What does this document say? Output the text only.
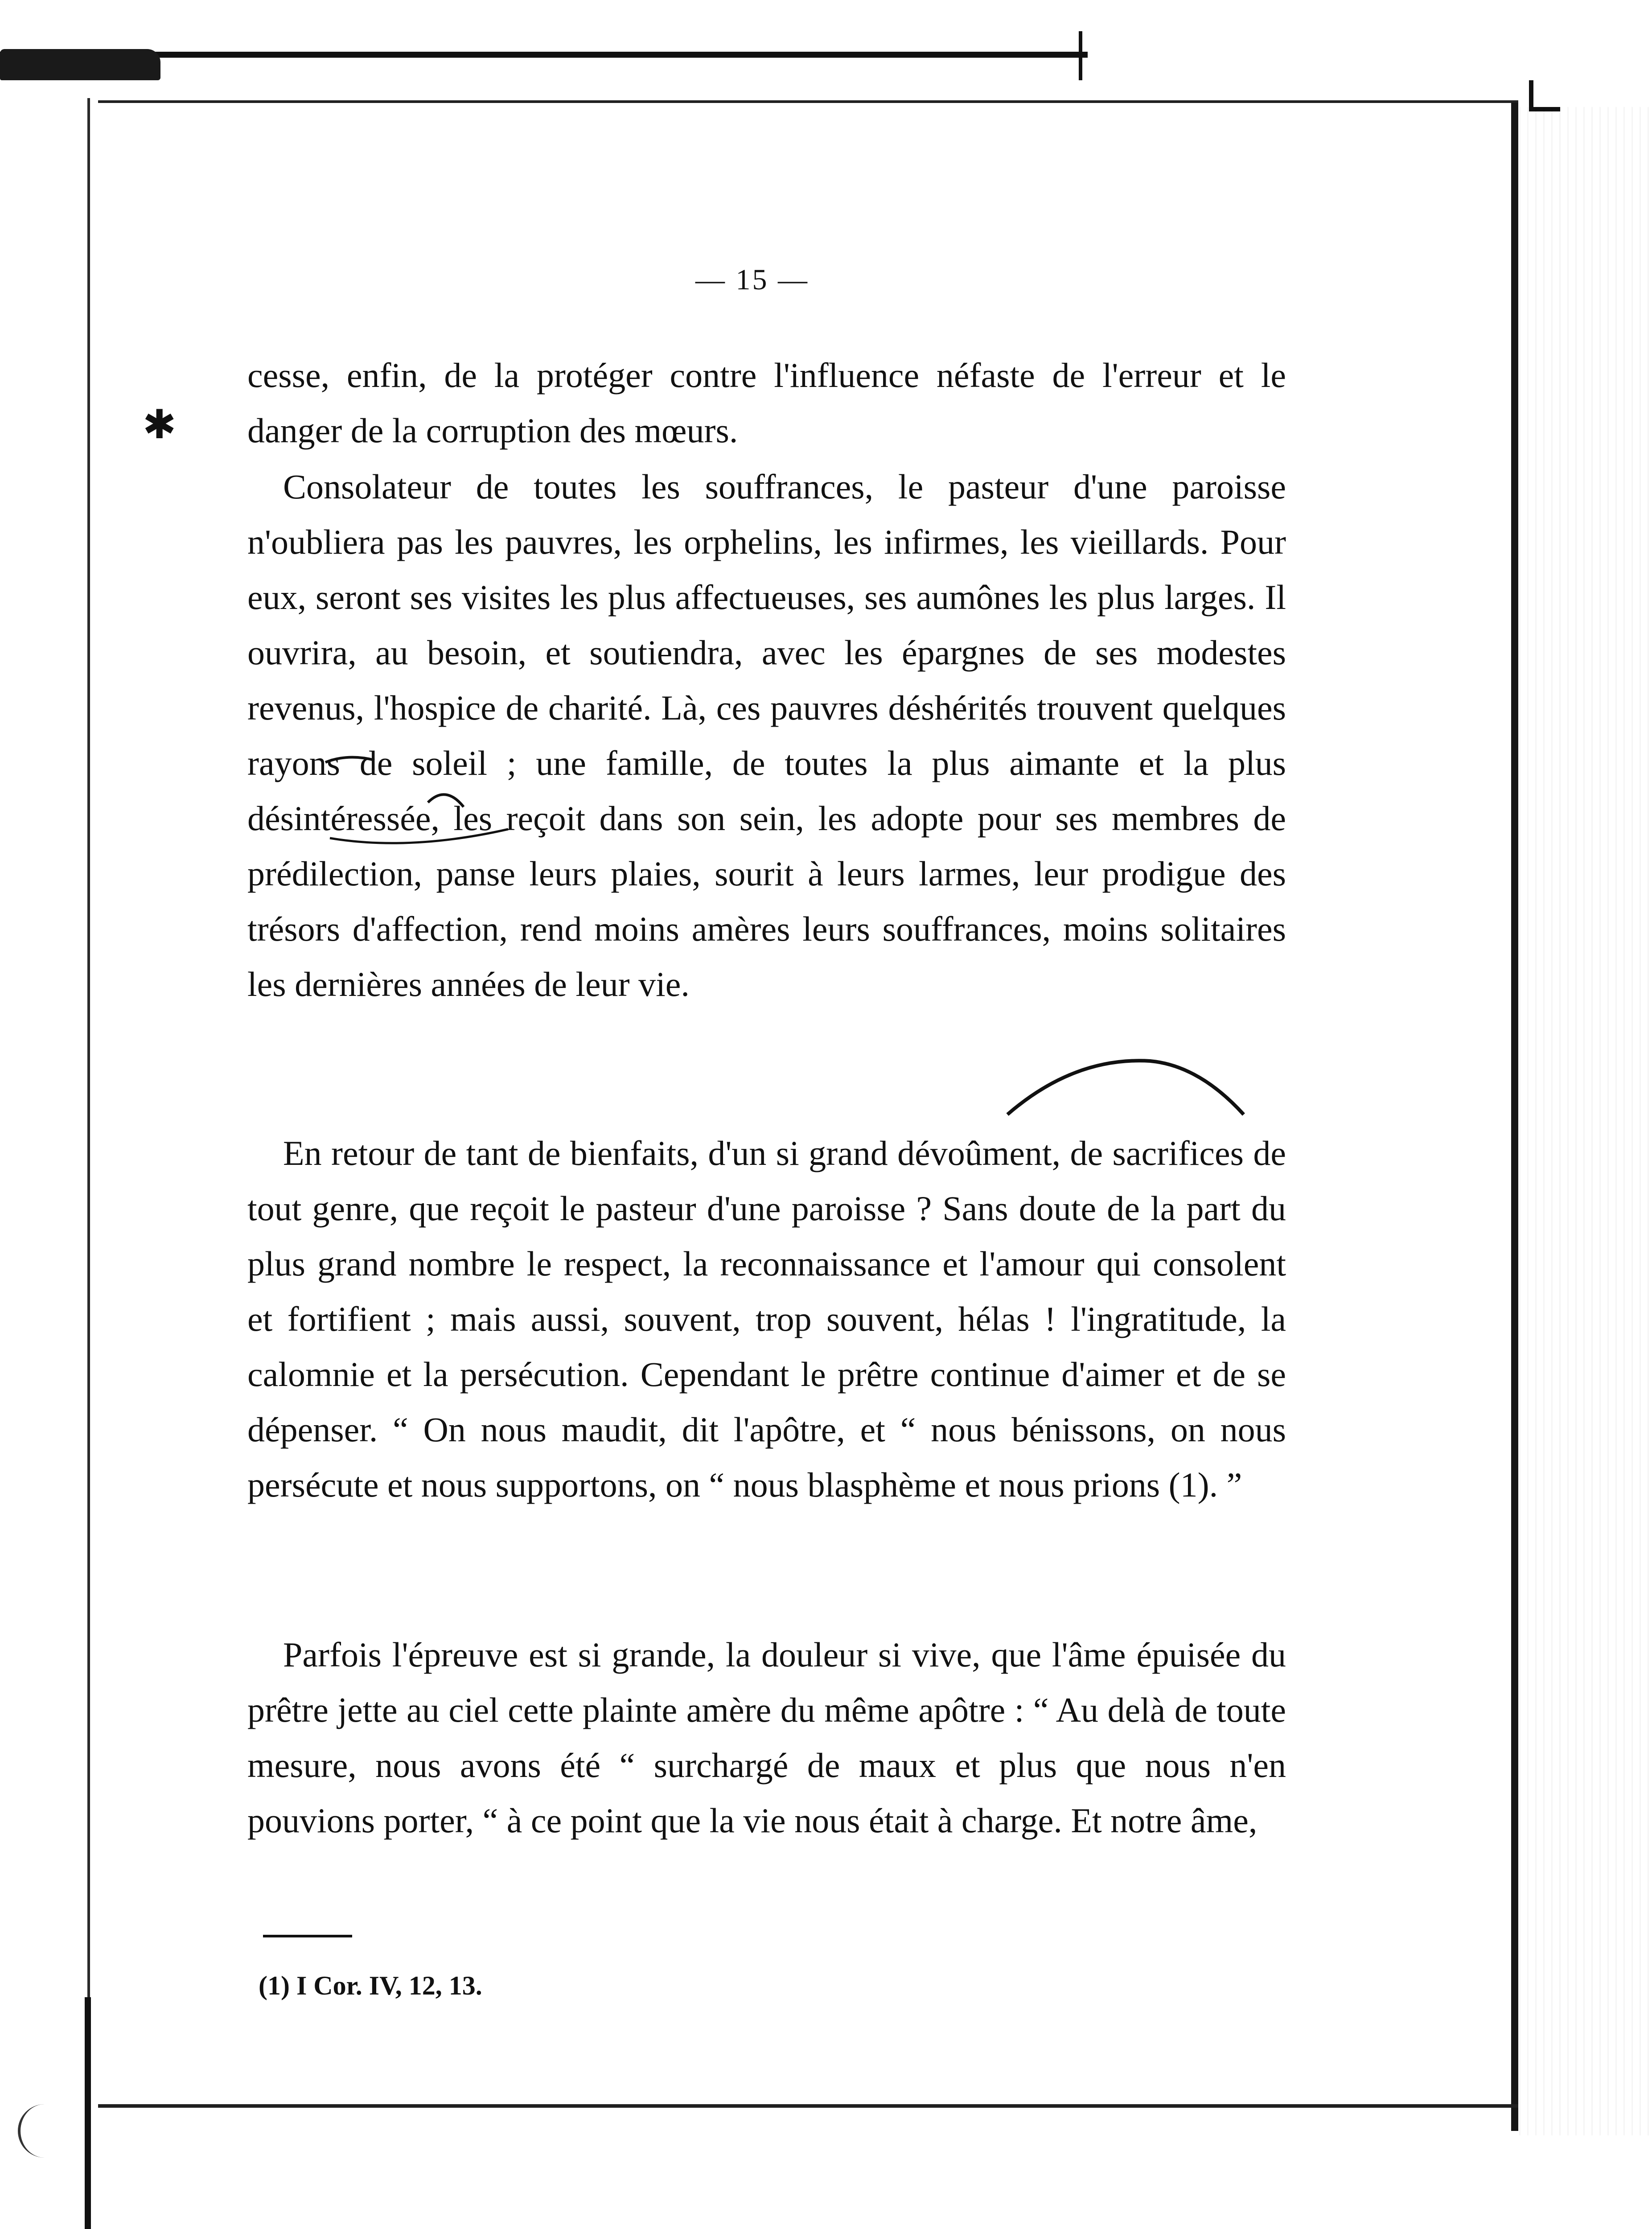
✱
— 15 —

cesse, enfin, de la protéger contre l'influence néfaste de l'erreur et le danger de la corruption des mœurs.

Consolateur de toutes les souffrances, le pasteur d'une paroisse n'oubliera pas les pauvres, les orphelins, les infirmes, les vieillards. Pour eux, seront ses visites les plus affectueuses, ses aumônes les plus larges. Il ouvrira, au besoin, et soutiendra, avec les épargnes de ses modestes revenus, l'hospice de charité. Là, ces pauvres déshérités trouvent quelques rayons de soleil ; une famille, de toutes la plus aimante et la plus désintéressée, les reçoit dans son sein, les adopte pour ses membres de prédilection, panse leurs plaies, sourit à leurs larmes, leur prodigue des trésors d'affection, rend moins amères leurs souffrances, moins solitaires les dernières années de leur vie.

En retour de tant de bienfaits, d'un si grand dévoûment, de sacrifices de tout genre, que reçoit le pasteur d'une paroisse ? Sans doute de la part du plus grand nombre le respect, la reconnaissance et l'amour qui consolent et fortifient ; mais aussi, souvent, trop souvent, hélas ! l'ingratitude, la calomnie et la persécution. Cependant le prêtre continue d'aimer et de se dépenser. “ On nous maudit, dit l'apôtre, et “ nous bénissons, on nous persécute et nous supportons, on “ nous blasphème et nous prions (1). ”

Parfois l'épreuve est si grande, la douleur si vive, que l'âme épuisée du prêtre jette au ciel cette plainte amère du même apôtre : “ Au delà de toute mesure, nous avons été “ surchargé de maux et plus que nous n'en pouvions porter, “ à ce point que la vie nous était à charge. Et notre âme,

(1) I Cor. IV, 12, 13.
